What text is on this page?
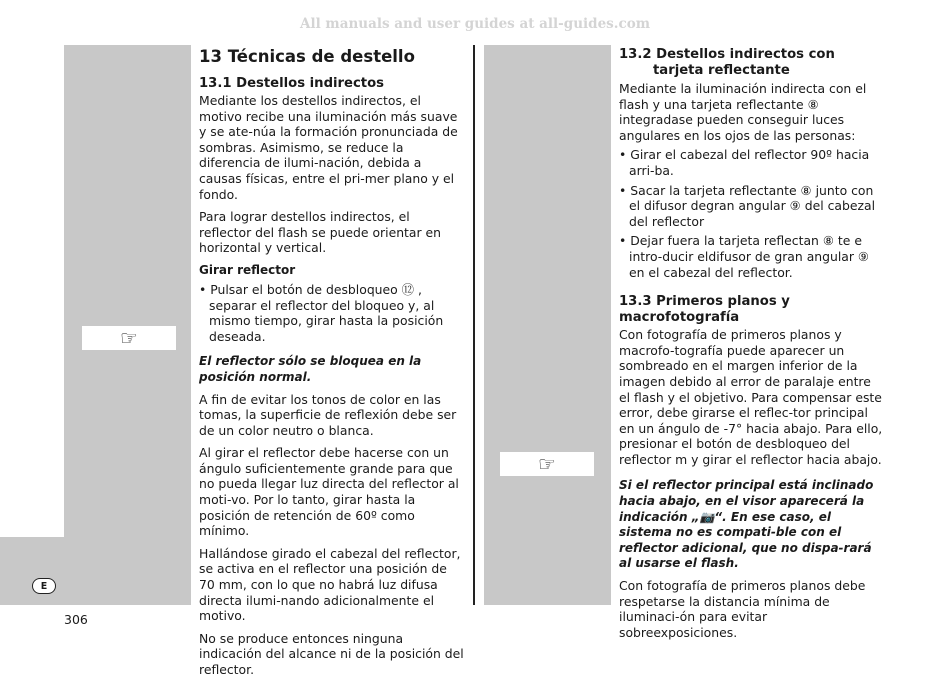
All manuals and user guides at all-guides.com
☞
☞
13 Técnicas de destello
13.1 Destellos indirectos

Mediante los destellos indirectos, el motivo recibe una iluminación más suave y se ate-núa la formación pronunciada de sombras. Asimismo, se reduce la diferencia de ilumi-nación, debida a causas físicas, entre el pri-mer plano y el fondo.

Para lograr destellos indirectos, el reflector del flash se puede orientar en horizontal y vertical.

Girar reflector
• Pulsar el botón de desbloqueo ⑫ , separar el reflector del bloqueo y, al mismo tiempo, girar hasta la posición deseada.

El reflector sólo se bloquea en la posición normal.

A fin de evitar los tonos de color en las tomas, la superficie de reflexión debe ser de un color neutro o blanca.

Al girar el reflector debe hacerse con un ángulo suficientemente grande para que no pueda llegar luz directa del reflector al moti-vo. Por lo tanto, girar hasta la posición de retención de 60º como mínimo.

Hallándose girado el cabezal del reflector, se activa en el reflector una posición de 70 mm, con lo que no habrá luz difusa directa ilumi-nando adicionalmente el motivo.

No se produce entonces ninguna indicación del alcance ni de la posición del reflector.

13.2 Destellos indirectos con tarjeta reflectante

Mediante la iluminación indirecta con el flash y una tarjeta reflectante ⑧ integradase pueden conseguir luces angulares en los ojos de las personas:

• Girar el cabezal del reflector 90º hacia arri-ba.
• Sacar la tarjeta reflectante ⑧ junto con el difusor degran angular ⑨ del cabezal del reflector
• Dejar fuera la tarjeta reflectan ⑧ te e intro-ducir eldifusor de gran angular ⑨ en el cabezal del reflector.
13.3 Primeros planos y macrofotografía

Con fotografía de primeros planos y macrofo-tografía puede aparecer un sombreado en el margen inferior de la imagen debido al error de paralaje entre el flash y el objetivo. Para compensar este error, debe girarse el reflec-tor principal en un ángulo de -7° hacia abajo. Para ello, presionar el botón de desbloqueo del reflector m y girar el reflector hacia abajo.

Si el reflector principal está inclinado hacia abajo, en el visor aparecerá la indicación „📷“. En ese caso, el sistema no es compati-ble con el reflector adicional, que no dispa-rará al usarse el flash.

Con fotografía de primeros planos debe respetarse la distancia mínima de iluminaci-ón para evitar sobreexposiciones.

E
306
